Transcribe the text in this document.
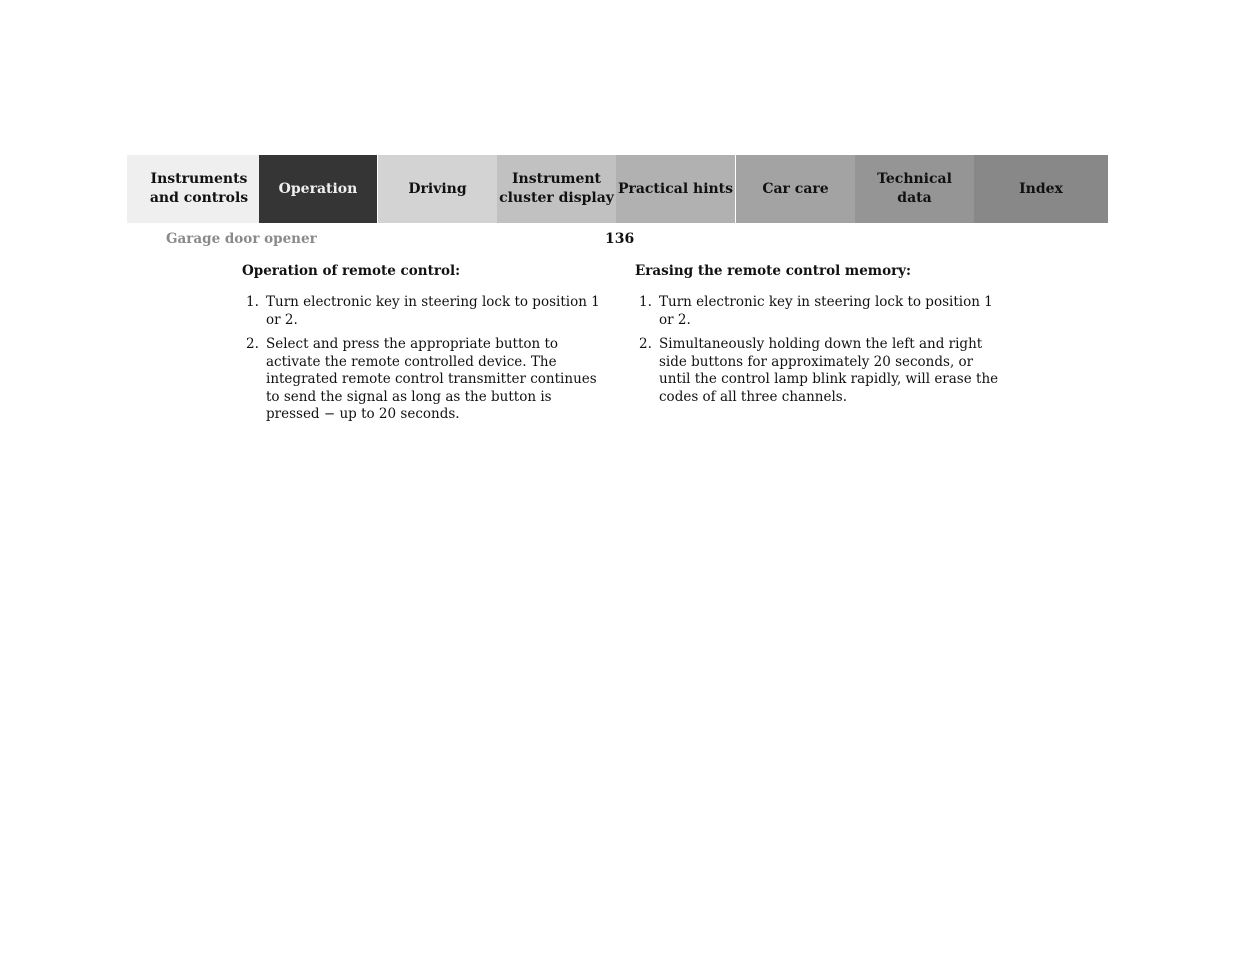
Instruments
and controls
Operation	Driving
Instrument
cluster display
Practical hints Car care
Technical
data
Index
Garage door opener	136
Operation of remote control:
1. Turn electronic key in steering lock to position 1 or 2.
2. Select and press the appropriate button to activate the remote controlled device. The integrated remote control transmitter continues to send the signal as long as the button is pressed − up to 20 seconds.
Erasing the remote control memory:
1. Turn electronic key in steering lock to position 1 or 2.
2. Simultaneously holding down the left and right side buttons for approximately 20 seconds, or until the control lamp blink rapidly, will erase the codes of all three channels.
